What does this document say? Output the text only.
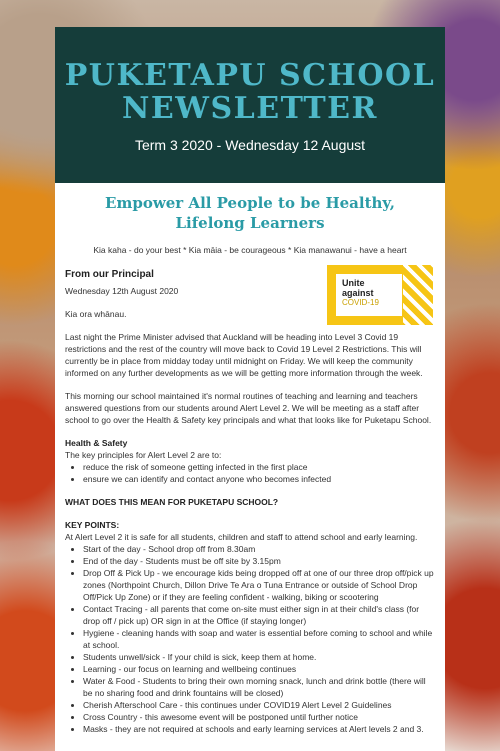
PUKETAPU SCHOOL NEWSLETTER
Term 3 2020 - Wednesday 12 August
Empower All People to be Healthy, Lifelong Learners
Kia kaha - do your best * Kia māia - be courageous * Kia manawanui - have a heart
From our Principal
Wednesday 12th August 2020
Kia ora whānau.
Unite
against
COVID-19
Last night the Prime Minister advised that Auckland will be heading into Level 3 Covid 19 restrictions and the rest of the country will move back to Covid 19 Level 2 Restrictions. This will currently be in place from midday today until midnight on Friday. We will keep the community informed on any further developments as we will be getting more information through the week.
This morning our school maintained it's normal routines of teaching and learning and teachers answered questions from our students around Alert Level 2. We will be meeting as a staff after school to go over the Health & Safety key principals and what that looks like for Puketapu School.
Health & Safety
The key principles for Alert Level 2 are to:
• reduce the risk of someone getting infected in the first place
• ensure we can identify and contact anyone who becomes infected
WHAT DOES THIS MEAN FOR PUKETAPU SCHOOL?
KEY POINTS:
At Alert Level 2 it is safe for all students, children and staff to attend school and early learning.
• Start of the day - School drop off from 8.30am
• End of the day - Students must be off site by 3.15pm
• Drop Off & Pick Up - we encourage kids being dropped off at one of our three drop off/pick up zones (Northpoint Church, Dillon Drive Te Ara o Tuna Entrance or outside of School Drop Off/Pick Up Zone) or if they are feeling confident - walking, biking or scootering
• Contact Tracing - all parents that come on-site must either sign in at their child's class (for drop off / pick up) OR sign in at the Office (if staying longer)
• Hygiene - cleaning hands with soap and water is essential before coming to school and while at school.
• Students unwell/sick - If your child is sick, keep them at home.
• Learning - our focus on learning and wellbeing continues
• Water & Food - Students to bring their own morning snack, lunch and drink bottle (there will be no sharing food and drink fountains will be closed)
• Cherish Afterschool Care - this continues under COVID19 Alert Level 2 Guidelines
• Cross Country - this awesome event will be postponed until further notice
• Masks - they are not required at schools and early learning services at Alert levels 2 and 3.
